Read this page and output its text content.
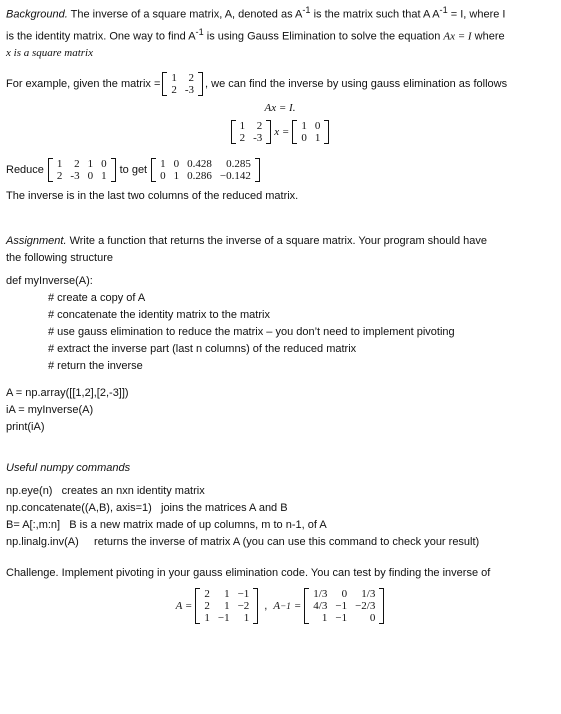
Background. The inverse of a square matrix, A, denoted as $A^{-1}$ is the matrix such that A $A^{-1} = I$, where I

is the identity matrix. One way to find $A^{-1}$ is using Gauss Elimination to solve the equation Ax = I where

x is a square matrix

For example, given the matrix = 1	2
2	-3 , we can find the inverse by using gauss elimination as follows
Ax = I.
1	2
2	-3 x = 1	0
0	1
Reduce 1	2	1	0
2	-3	0	1 to get 1	0	0.428	0.285
0	1	0.286	−0.142

The inverse is in the last two columns of the reduced matrix.

Assignment. Write a function that returns the inverse of a square matrix. Your program should have

the following structure

def myInverse(A):
# create a copy of A
# concatenate the identity matrix to the matrix
# use gauss elimination to reduce the matrix – you don’t need to implement pivoting
# extract the inverse part (last n columns) of the reduced matrix
# return the inverse
A = np.array([[1,2],[2,-3]])
iA = myInverse(A)
print(iA)

Useful numpy commands

np.eye(n) creates an nxn identity matrix
np.concatenate((A,B), axis=1) joins the matrices A and B
B= A[:,m:n] B is a new matrix made of up columns, m to n-1, of A
np.linalg.inv(A) returns the inverse of matrix A (you can use this command to check your result)

Challenge. Implement pivoting in your gauss elimination code. You can test by finding the inverse of

A =
2	1	−1
2	1	−2
1	−1	1
, A −1 =
1/3	0	1/3
4/3	−1	−2/3
1	−1	0
